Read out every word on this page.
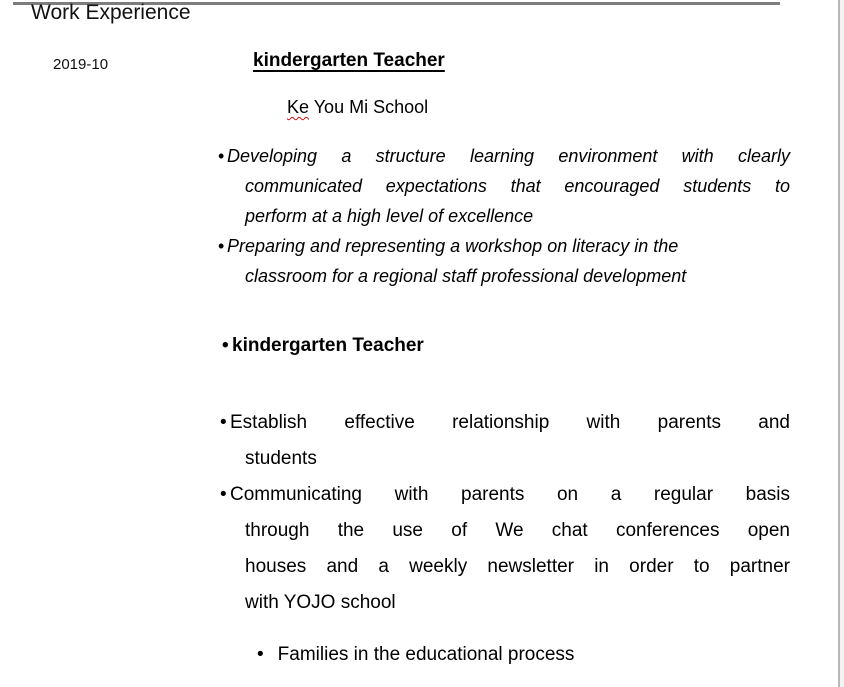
Work Experience
2019-10	kindergarten Teacher
Ke You Mi School
• Developing a structure learning environment with clearly
communicated expectations that encouraged students to
perform at a high level of excellence
• Preparing and representing a workshop on literacy in the
classroom for a regional staff professional development
• kindergarten Teacher
• Establish effective relationship with parents and
students
• Communicating with parents on a regular basis
through the use of We chat conferences open
houses and a weekly newsletter in order to partner
with YOJO school
• Families in the educational process
